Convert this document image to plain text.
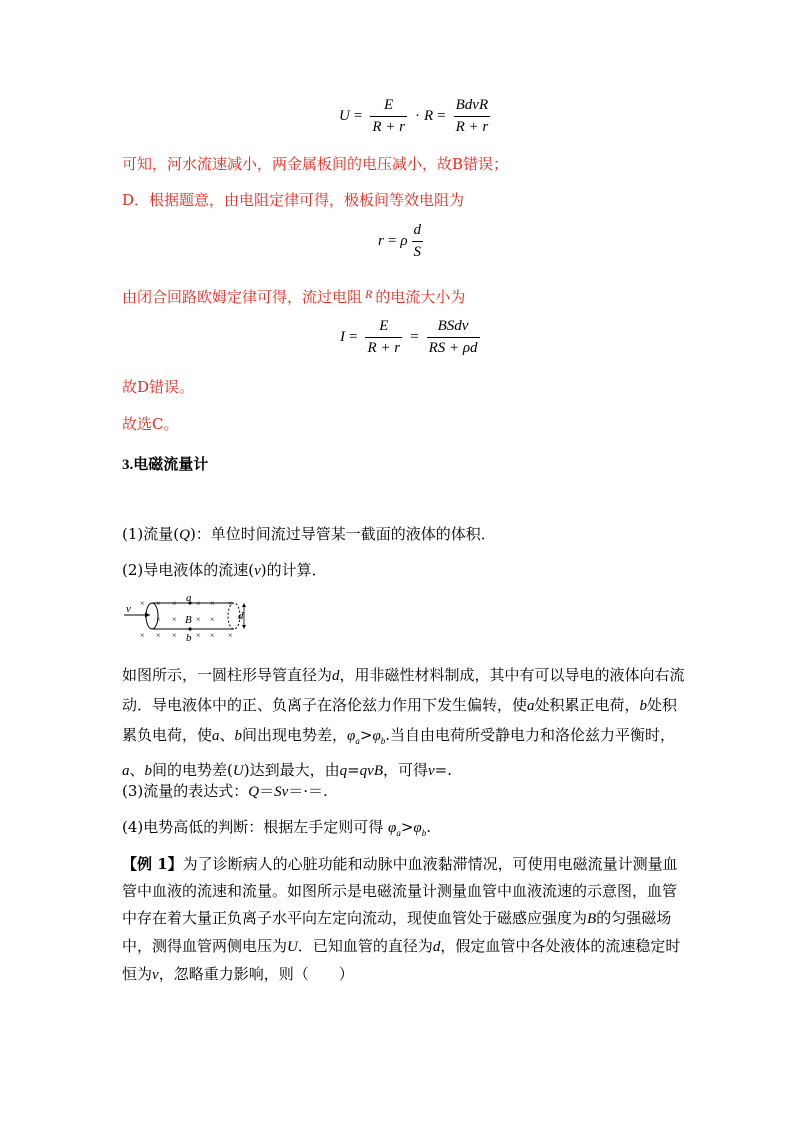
$U = \frac{E}{R + r} \cdot R = \frac{\text{BdvR}}{R + r}$
可知，河水流速减小，两金属板间的电压减小，故B错误；
D．根据题意，由电阻定律可得，极板间等效电阻为
r = ρ $\frac{d}{S}$
由闭合回路欧姆定律可得，流过电阻 $^R$ 的电流大小为
$I = \frac{E}{R + r} = \frac{\text{BSdv}}{RS + \rho d}$
故D错误。
故选C。
3.电磁流量计
(1)流量(Q)：单位时间流过导管某一截面的液体的体积．
(2)导电液体的流速(v)的计算．
v × × × × × ×
× × × ×
× × × × × ×
a
b
B	d

如图所示，一圆柱形导管直径为d，用非磁性材料制成，其中有可以导电的液体向右流动．导电液体中的正、负离子在洛伦兹力作用下发生偏转，使a处积累正电荷，b处积累负电荷，使a、b间出现电势差，$\varphi_a>\varphi_b$.当自由电荷所受静电力和洛伦兹力平衡时，a、b间的电势差(U)达到最大，由q=qvB，可得v=.

(3)流量的表达式：Q＝Sv＝·＝.
(4)电势高低的判断：根据左手定则可得 $\varphi_a>\varphi_b$.

【例 1】为了诊断病人的心脏功能和动脉中血液黏滞情况，可使用电磁流量计测量血管中血液的流速和流量。如图所示是电磁流量计测量血管中血液流速的示意图，血管中存在着大量正负离子水平向左定向流动，现使血管处于磁感应强度为B的匀强磁场中，测得血管两侧电压为U．已知血管的直径为d，假定血管中各处液体的流速稳定时恒为v，忽略重力影响，则（　　）
